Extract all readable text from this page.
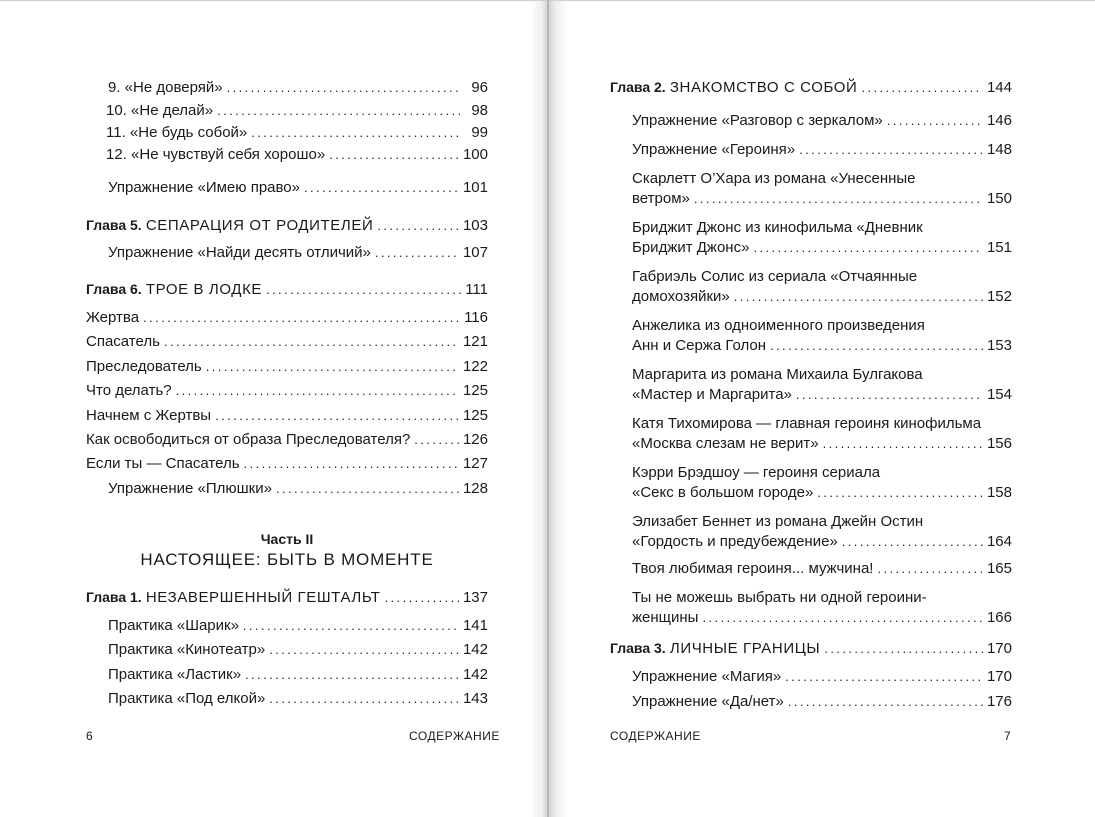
9. «Не доверяй» .....	96
10. «Не делай» .....	98
11. «Не будь собой» .....	99
12. «Не чувствуй себя хорошо» .....	100
Упражнение «Имею право» .....	101
Глава 5. СЕПАРАЦИЯ ОТ РОДИТЕЛЕЙ .....	103
Упражнение «Найди десять отличий» .....	107
Глава 6. ТРОЕ В ЛОДКЕ .....	111
Жертва .....	116
Спасатель .....	121
Преследователь .....	122
Что делать? .....	125
Начнем с Жертвы .....	125
Как освободиться от образа Преследователя? .....	126
Если ты — Спасатель .....	127
Упражнение «Плюшки» .....	128
Часть II
НАСТОЯЩЕЕ: БЫТЬ В МОМЕНТЕ
Глава 1. НЕЗАВЕРШЕННЫЙ ГЕШТАЛЬТ .....	137
Практика «Шарик» .....	141
Практика «Кинотеатр» .....	142
Практика «Ластик» .....	142
Практика «Под елкой» .....	143
6	СОДЕРЖАНИЕ	СОДЕРЖАНИЕ	7
Глава 2. ЗНАКОМСТВО С СОБОЙ .....	144
Упражнение «Разговор с зеркалом» .....	146
Упражнение «Героиня» .....	148
Скарлетт О’Хара из романа «Унесенные
ветром» .....	150
Бриджит Джонс из кинофильма «Дневник
Бриджит Джонс» .....	151
Габриэль Солис из сериала «Отчаянные
домохозяйки» .....	152
Анжелика из одноименного произведения
Анн и Сержа Голон .....	153
Маргарита из романа Михаила Булгакова
«Мастер и Маргарита» .....	154
Катя Тихомирова — главная героиня кинофильма
«Москва слезам не верит» .....	156
Кэрри Брэдшоу — героиня сериала
«Секс в большом городе» .....	158
Элизабет Беннет из романа Джейн Остин
«Гордость и предубеждение» .....	164
Твоя любимая героиня... мужчина! .....	165
Ты не можешь выбрать ни одной героини-
женщины .....	166
Глава 3. ЛИЧНЫЕ ГРАНИЦЫ .....	170
Упражнение «Магия» .....	170
Упражнение «Да/нет» .....	176
